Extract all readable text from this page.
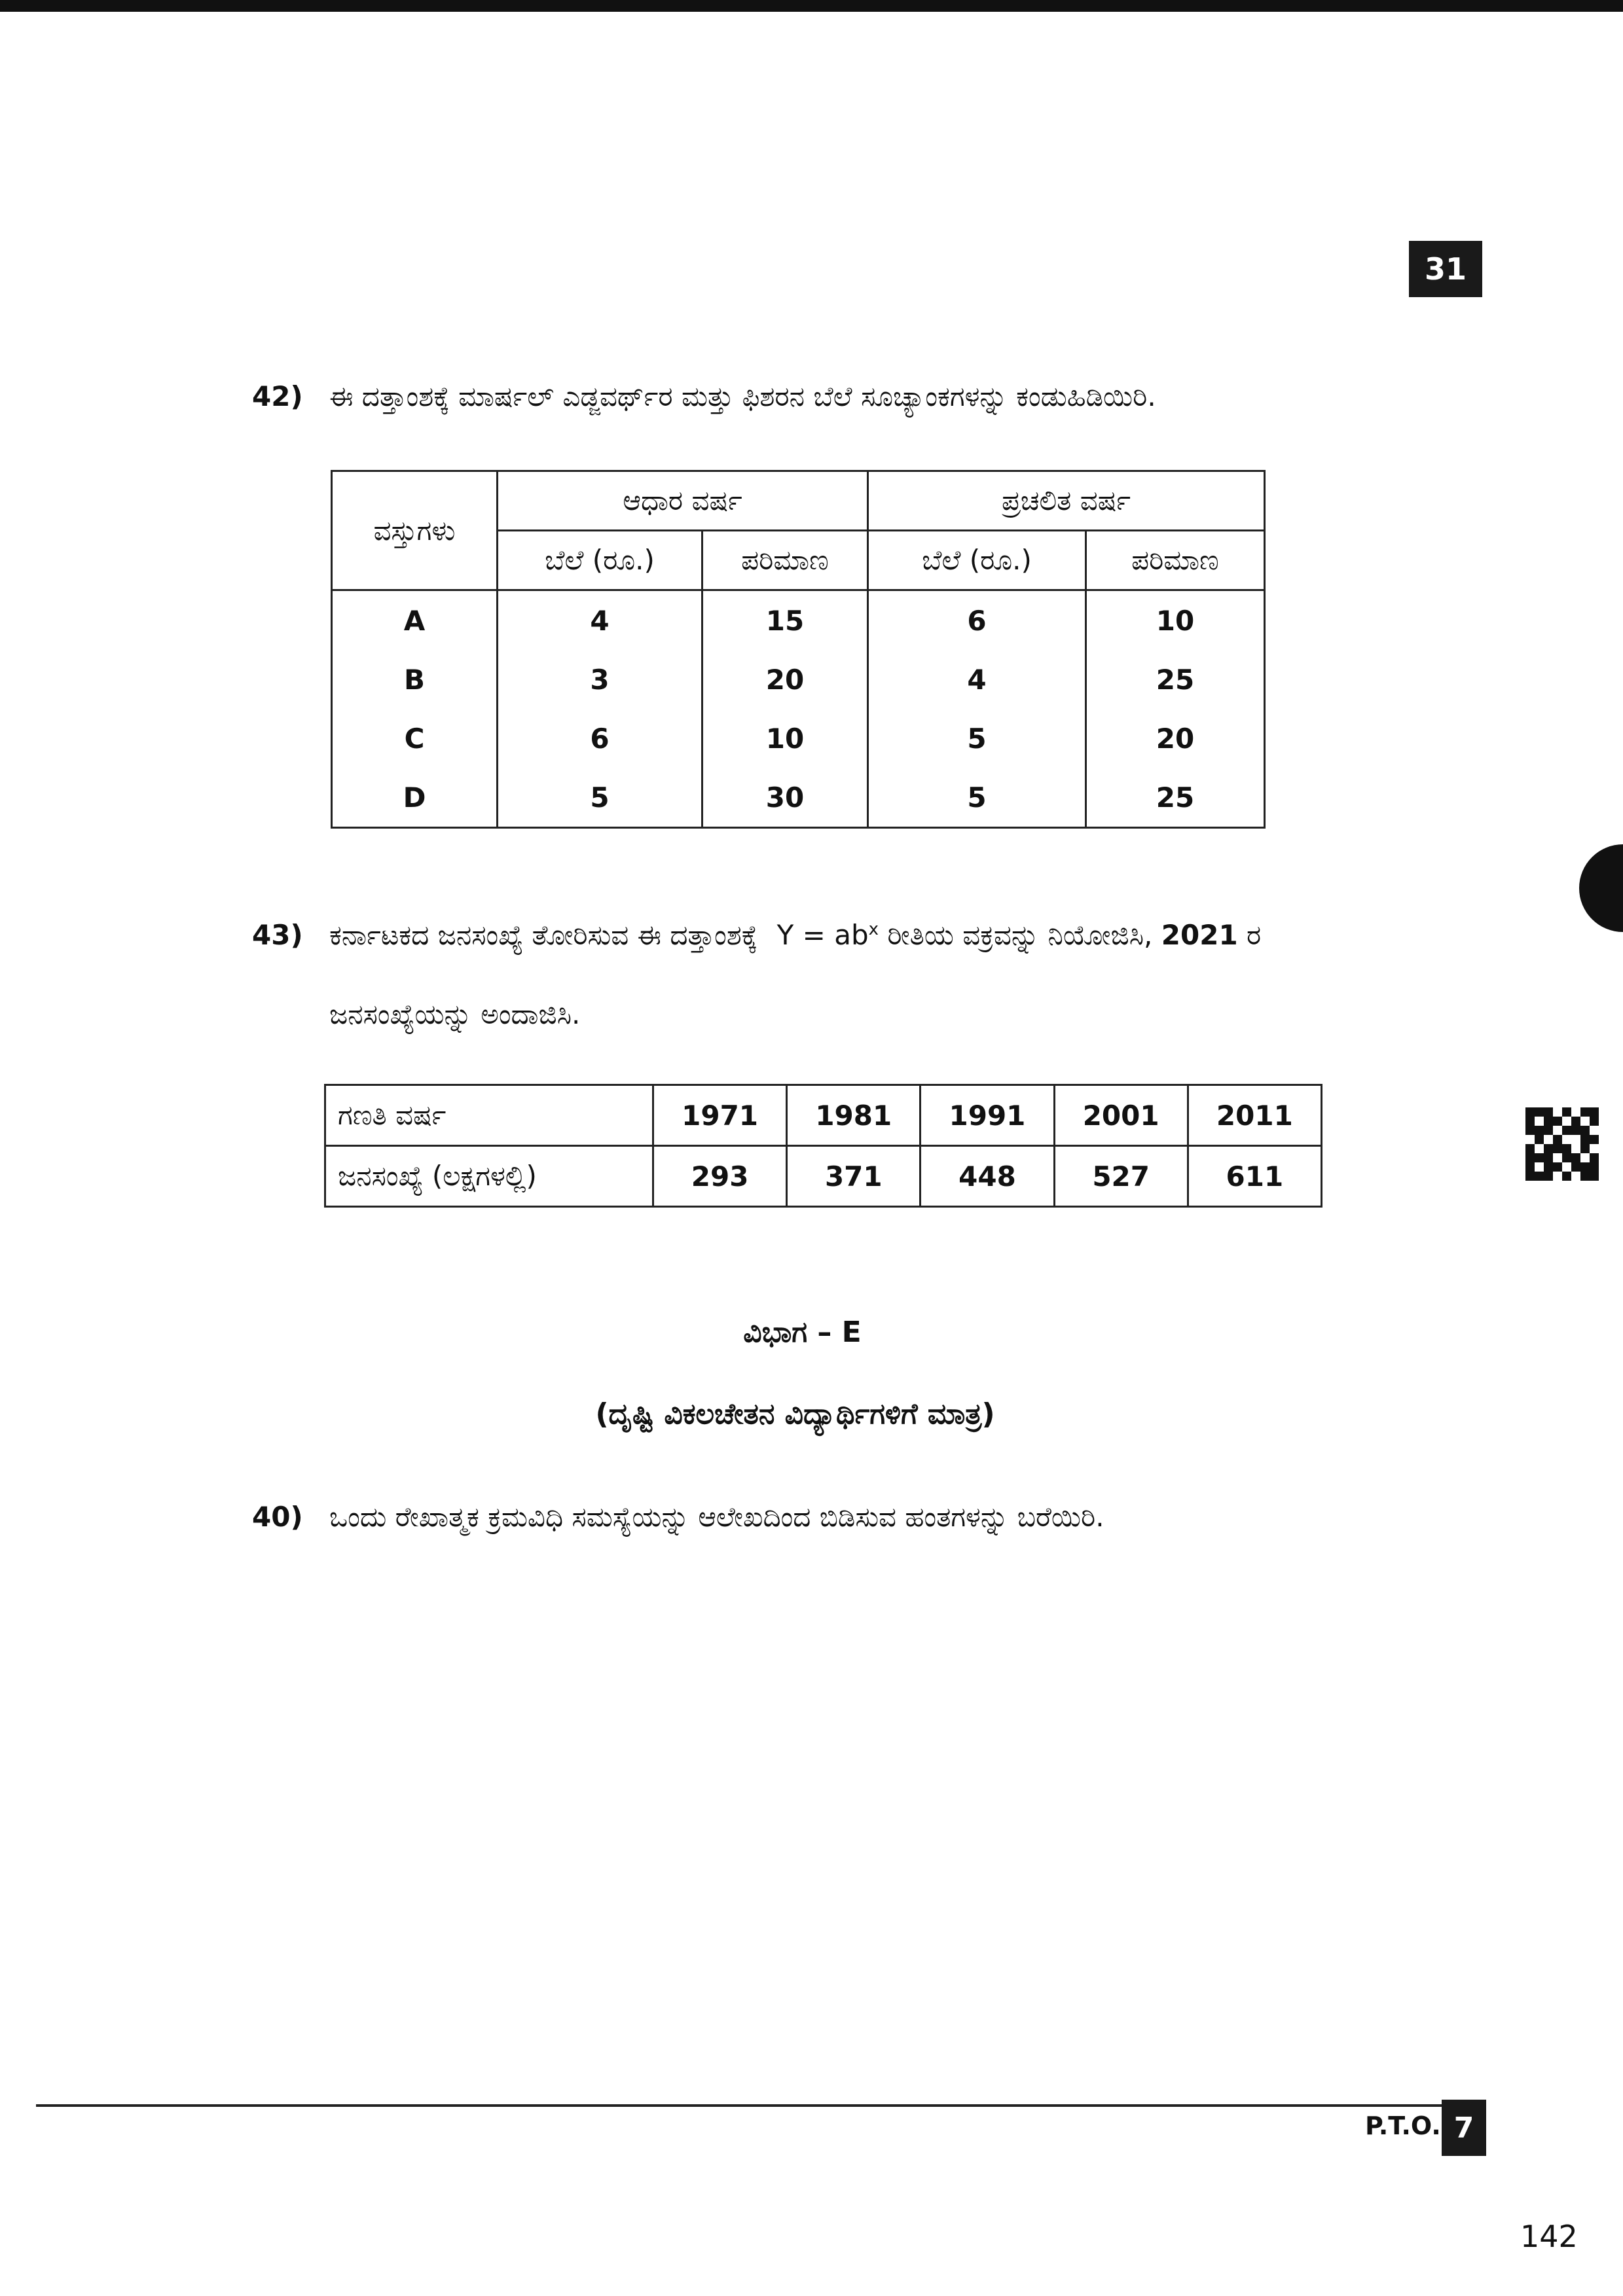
31
42) ಈ ದತ್ತಾಂಶಕ್ಕೆ ಮಾರ್ಷಲ್ ಎಡ್ಜವರ್ಥ್‌ರ ಮತ್ತು ಫಿಶರನ ಬೆಲೆ ಸೂಚ್ಯಾಂಕಗಳನ್ನು ಕಂಡುಹಿಡಿಯಿರಿ.
ವಸ್ತುಗಳು	ಆಧಾರ ವರ್ಷ		ಪ್ರಚಲಿತ ವರ್ಷ	
	ಬೆಲೆ (ರೂ.)	ಪರಿಮಾಣ	ಬೆಲೆ (ರೂ.)	ಪರಿಮಾಣ
A	4	15	6	10
B	3	20	4	25
C	6	10	5	20
D	5	30	5	25
43) ಕರ್ನಾಟಕದ ಜನಸಂಖ್ಯೆ ತೋರಿಸುವ ಈ ದತ್ತಾಂಶಕ್ಕೆ $Y = ab^x$ ರೀತಿಯ ವಕ್ರವನ್ನು ನಿಯೋಜಿಸಿ, 2021 ರ
ಜನಸಂಖ್ಯೆಯನ್ನು ಅಂದಾಜಿಸಿ.
ಗಣತಿ ವರ್ಷ	1971	1981	1991	2001	2011
ಜನಸಂಖ್ಯೆ (ಲಕ್ಷಗಳಲ್ಲಿ)	293	371	448	527	611
ವಿಭಾಗ – E
(ದೃಷ್ಟಿ ವಿಕಲಚೇತನ ವಿದ್ಯಾರ್ಥಿಗಳಿಗೆ ಮಾತ್ರ)
40) ಒಂದು ರೇಖಾತ್ಮಕ ಕ್ರಮವಿಧಿ ಸಮಸ್ಯೆಯನ್ನು ಆಲೇಖದಿಂದ ಬಿಡಿಸುವ ಹಂತಗಳನ್ನು ಬರೆಯಿರಿ.
P.T.O. 7
142
